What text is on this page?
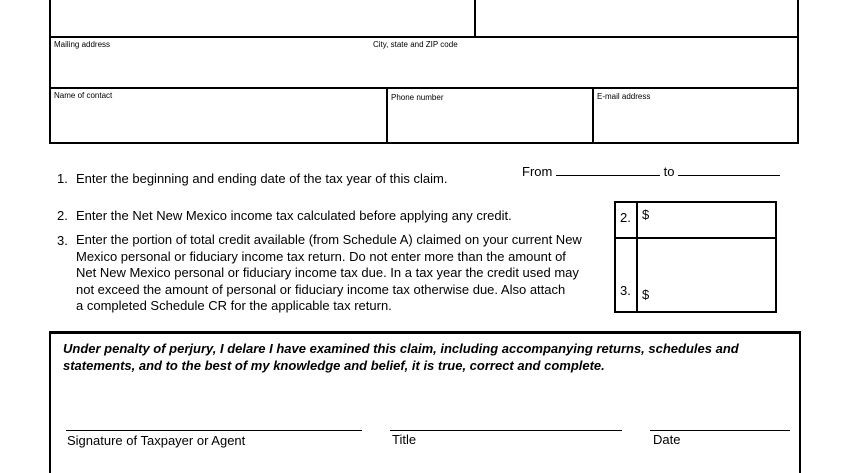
Mailing address	City, state and ZIP code
Name of contact	Phone number	E-mail address
1. Enter the beginning and ending date of the tax year of this claim.	From	to
2. Enter the Net New Mexico income tax calculated before applying any credit.	2. $
3. $
3. Enter the portion of total credit available (from Schedule A) claimed on your current New
Mexico personal or fiduciary income tax return. Do not enter more than the amount of
Net New Mexico personal or fiduciary income tax due. In a tax year the credit used may
not exceed the amount of personal or fiduciary income tax otherwise due. Also attach
a completed Schedule CR for the applicable tax return.
Under penalty of perjury, I delare I have examined this claim, including accompanying returns, schedules and
statements, and to the best of my knowledge and belief, it is true, correct and complete.
Signature of Taxpayer or Agent	Title	Date
